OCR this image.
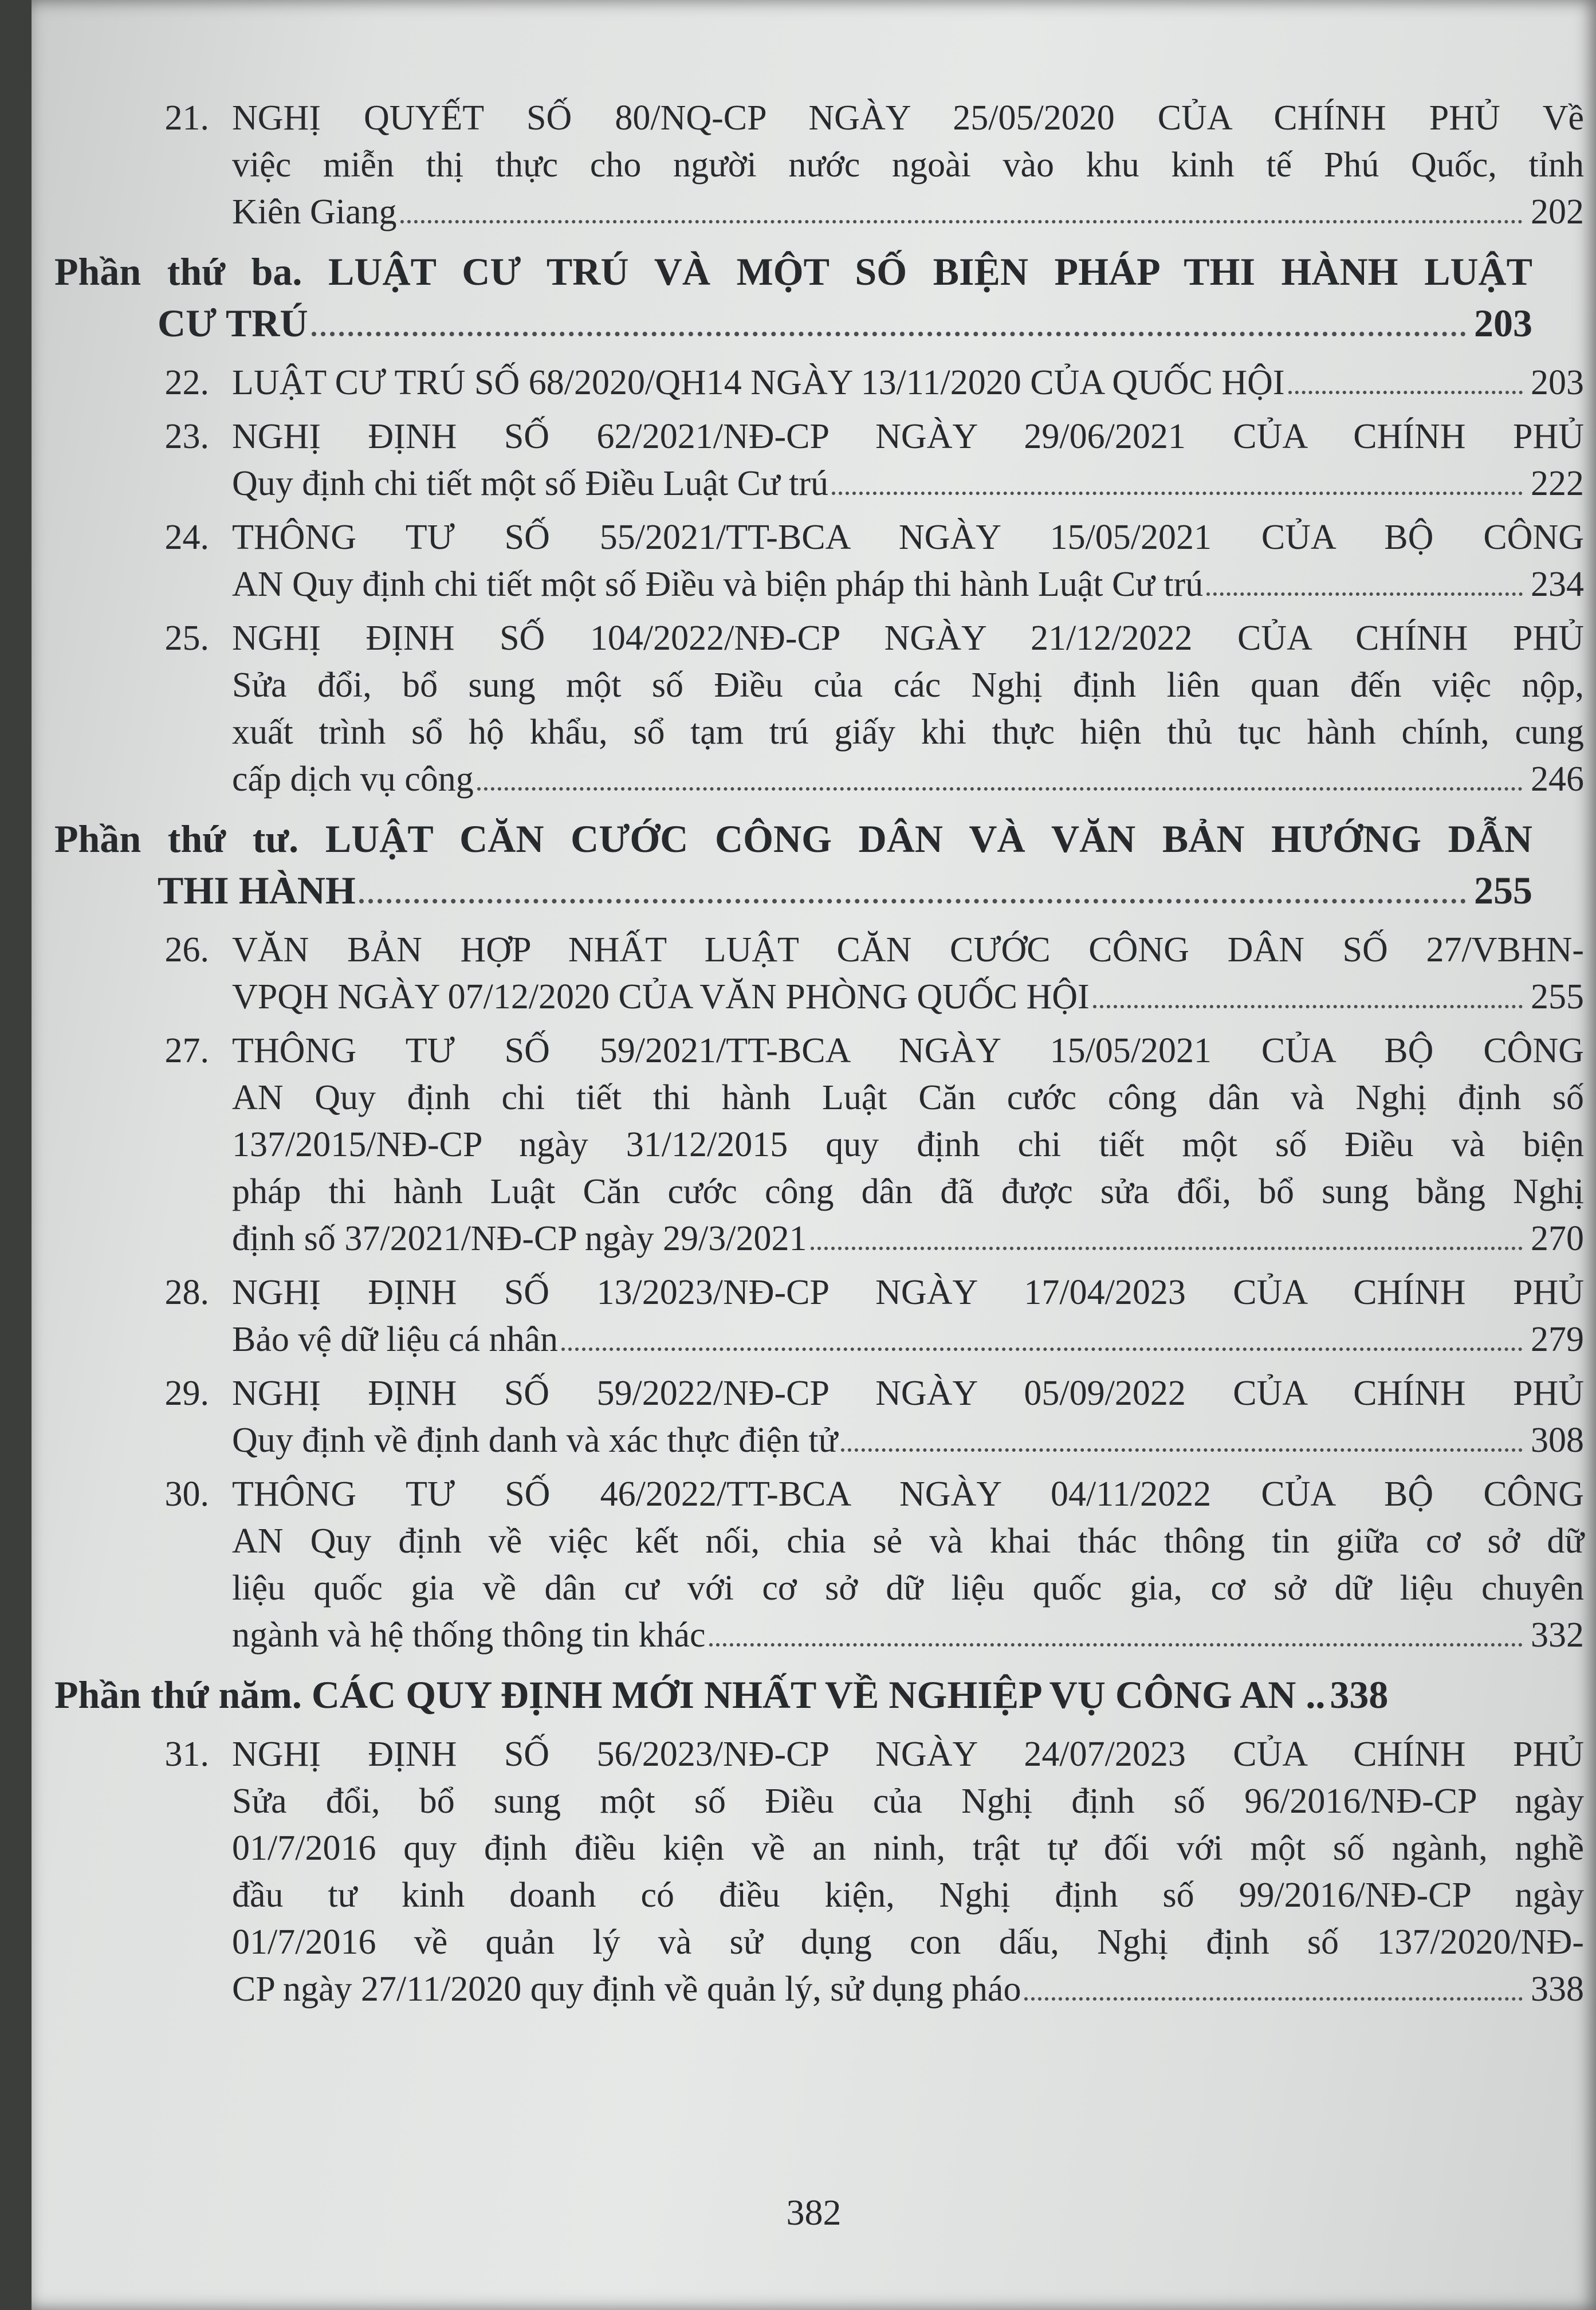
21. NGHỊ QUYẾT SỐ 80/NQ-CP NGÀY 25/05/2020 CỦA CHÍNH PHỦ Về
việc miễn thị thực cho người nước ngoài vào khu kinh tế Phú Quốc, tỉnh
Kiên Giang	202
Phần thứ ba. LUẬT CƯ TRÚ VÀ MỘT SỐ BIỆN PHÁP THI HÀNH LUẬT
CƯ TRÚ	203
22. LUẬT CƯ TRÚ SỐ 68/2020/QH14 NGÀY 13/11/2020 CỦA QUỐC HỘI	203
23. NGHỊ ĐỊNH SỐ 62/2021/NĐ-CP NGÀY 29/06/2021 CỦA CHÍNH PHỦ
Quy định chi tiết một số Điều Luật Cư trú	222
24. THÔNG TƯ SỐ 55/2021/TT-BCA NGÀY 15/05/2021 CỦA BỘ CÔNG
AN Quy định chi tiết một số Điều và biện pháp thi hành Luật Cư trú	234
25. NGHỊ ĐỊNH SỐ 104/2022/NĐ-CP NGÀY 21/12/2022 CỦA CHÍNH PHỦ
Sửa đổi, bổ sung một số Điều của các Nghị định liên quan đến việc nộp,
xuất trình sổ hộ khẩu, sổ tạm trú giấy khi thực hiện thủ tục hành chính, cung
cấp dịch vụ công	246
Phần thứ tư. LUẬT CĂN CƯỚC CÔNG DÂN VÀ VĂN BẢN HƯỚNG DẪN
THI HÀNH	255
26. VĂN BẢN HỢP NHẤT LUẬT CĂN CƯỚC CÔNG DÂN SỐ 27/VBHN-
VPQH NGÀY 07/12/2020 CỦA VĂN PHÒNG QUỐC HỘI	255
27. THÔNG TƯ SỐ 59/2021/TT-BCA NGÀY 15/05/2021 CỦA BỘ CÔNG
AN Quy định chi tiết thi hành Luật Căn cước công dân và Nghị định số
137/2015/NĐ-CP ngày 31/12/2015 quy định chi tiết một số Điều và biện
pháp thi hành Luật Căn cước công dân đã được sửa đổi, bổ sung bằng Nghị
định số 37/2021/NĐ-CP ngày 29/3/2021	270
28. NGHỊ ĐỊNH SỐ 13/2023/NĐ-CP NGÀY 17/04/2023 CỦA CHÍNH PHỦ
Bảo vệ dữ liệu cá nhân	279
29. NGHỊ ĐỊNH SỐ 59/2022/NĐ-CP NGÀY 05/09/2022 CỦA CHÍNH PHỦ
Quy định về định danh và xác thực điện tử	308
30. THÔNG TƯ SỐ 46/2022/TT-BCA NGÀY 04/11/2022 CỦA BỘ CÔNG
AN Quy định về việc kết nối, chia sẻ và khai thác thông tin giữa cơ sở dữ
liệu quốc gia về dân cư với cơ sở dữ liệu quốc gia, cơ sở dữ liệu chuyên
ngành và hệ thống thông tin khác	332
Phần thứ năm.
CÁC QUY ĐỊNH MỚI NHẤT VỀ NGHIỆP VỤ CÔNG AN .. 338
31. NGHỊ ĐỊNH SỐ 56/2023/NĐ-CP NGÀY 24/07/2023 CỦA CHÍNH PHỦ
Sửa đổi, bổ sung một số Điều của Nghị định số 96/2016/NĐ-CP ngày
01/7/2016 quy định điều kiện về an ninh, trật tự đối với một số ngành, nghề
đầu tư kinh doanh có điều kiện, Nghị định số 99/2016/NĐ-CP ngày
01/7/2016 về quản lý và sử dụng con dấu, Nghị định số 137/2020/NĐ-
CP ngày 27/11/2020 quy định về quản lý, sử dụng pháo	338
382
